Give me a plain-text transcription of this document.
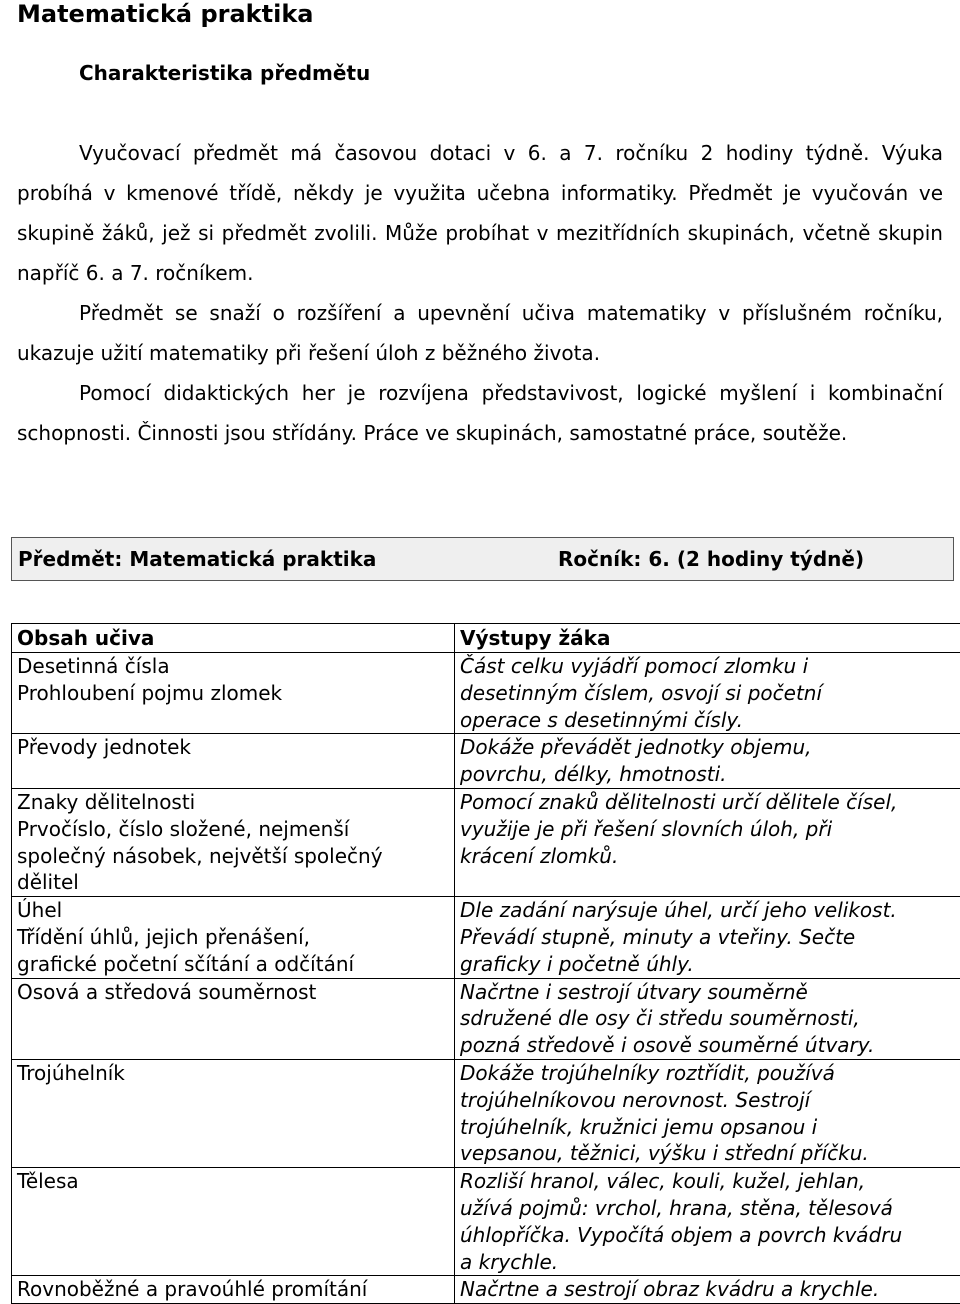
Matematická praktika
Charakteristika předmětu

Vyučovací předmět má časovou dotaci v 6. a 7. ročníku 2 hodiny týdně. Výuka probíhá v kmenové třídě, někdy je využita učebna informatiky. Předmět je vyučován ve skupině žáků, jež si předmět zvolili. Může probíhat v mezitřídních skupinách, včetně skupin napříč 6. a 7. ročníkem.

Předmět se snaží o rozšíření a upevnění učiva matematiky v příslušném ročníku, ukazuje užití matematiky při řešení úloh z běžného života.

Pomocí didaktických her je rozvíjena představivost, logické myšlení i kombinační schopnosti. Činnosti jsou střídány. Práce ve skupinách, samostatné práce, soutěže.

Předmět: Matematická praktika	Ročník: 6. (2 hodiny týdně)
Obsah učiva	Výstupy žáka

Desetinná čísla
Prohloubení pojmu zlomek	Část celku vyjádří pomocí zlomku i
desetinným číslem, osvojí si početní
operace s desetinnými čísly.

Převody jednotek	Dokáže převádět jednotky objemu,
povrchu, délky, hmotnosti.

Znaky dělitelnosti
Prvočíslo, číslo složené, nejmenší
společný násobek, největší společný
dělitel	Pomocí znaků dělitelnosti určí dělitele čísel,
využije je při řešení slovních úloh, při
krácení zlomků.

Úhel
Třídění úhlů, jejich přenášení,
grafické početní sčítání a odčítání	Dle zadání narýsuje úhel, určí jeho velikost.
Převádí stupně, minuty a vteřiny. Sečte
graficky i početně úhly.

Osová a středová souměrnost	Načrtne i sestrojí útvary souměrně
sdružené dle osy či středu souměrnosti,
pozná středově i osově souměrné útvary.

Trojúhelník	Dokáže trojúhelníky roztřídit, používá
trojúhelníkovou nerovnost. Sestrojí
trojúhelník, kružnici jemu opsanou i
vepsanou, těžnici, výšku i střední příčku.

Tělesa	Rozliší hranol, válec, kouli, kužel, jehlan,
užívá pojmů: vrchol, hrana, stěna, tělesová
úhlopříčka. Vypočítá objem a povrch kvádru
a krychle.

Rovnoběžné a pravoúhlé promítání	Načrtne a sestrojí obraz kvádru a krychle.
